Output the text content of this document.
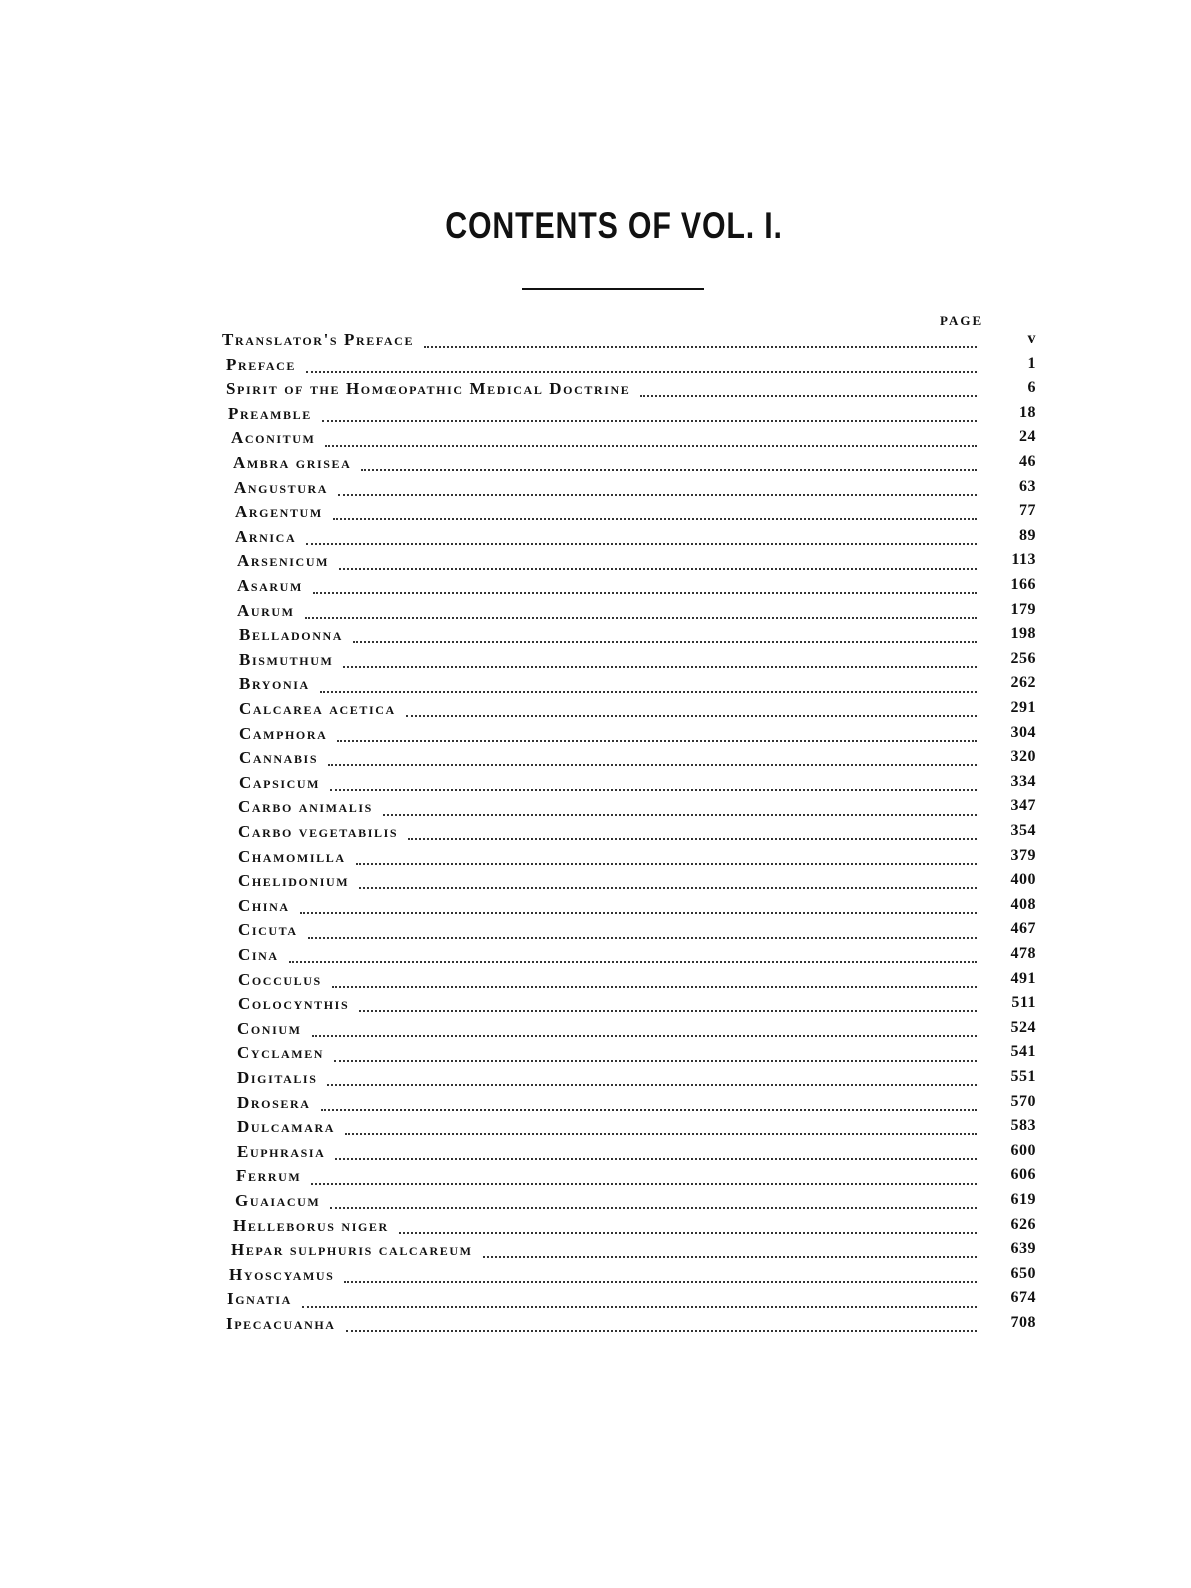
CONTENTS OF VOL. I.
PAGE
Translator's Preface	v
Preface	1
Spirit of the Homœopathic Medical Doctrine	6
Preamble	18
Aconitum	24
Ambra grisea	46
Angustura	63
Argentum	77
Arnica	89
Arsenicum	113
Asarum	166
Aurum	179
Belladonna	198
Bismuthum	256
Bryonia	262
Calcarea acetica	291
Camphora	304
Cannabis	320
Capsicum	334
Carbo animalis	347
Carbo vegetabilis	354
Chamomilla	379
Chelidonium	400
China	408
Cicuta	467
Cina	478
Cocculus	491
Colocynthis	511
Conium	524
Cyclamen	541
Digitalis	551
Drosera	570
Dulcamara	583
Euphrasia	600
Ferrum	606
Guaiacum	619
Helleborus niger	626
Hepar sulphuris calcareum	639
Hyoscyamus	650
Ignatia	674
Ipecacuanha	708
